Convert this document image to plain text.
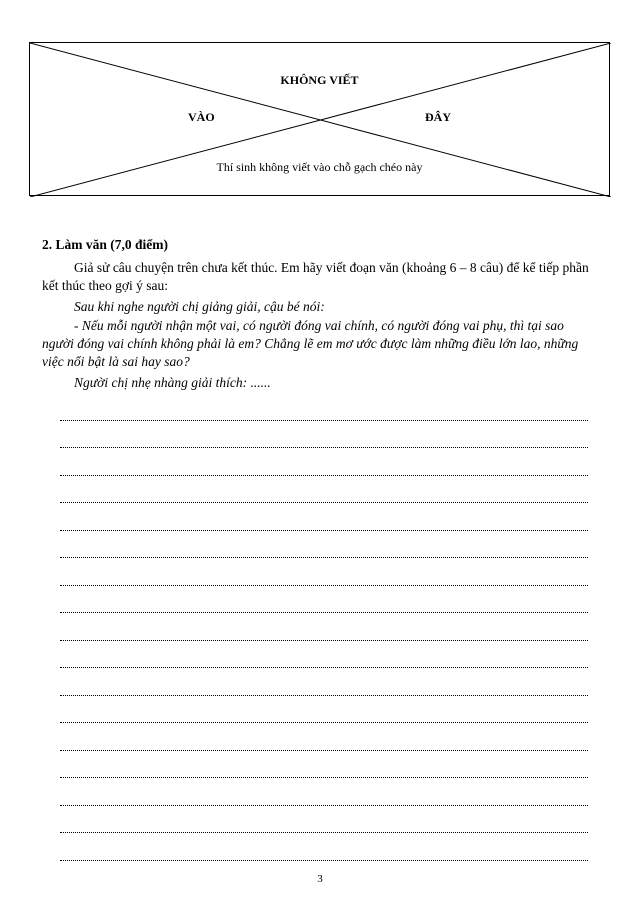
KHÔNG VIẾT
VÀO	ĐÂY
Thí sinh không viết vào chỗ gạch chéo này
2. Làm văn (7,0 điểm)
Giả sử câu chuyện trên chưa kết thúc. Em hãy viết đoạn văn (khoảng 6 – 8 câu) để kể tiếp phần kết thúc theo gợi ý sau:
Sau khi nghe người chị giảng giải, cậu bé nói:
- Nếu mỗi người nhận một vai, có người đóng vai chính, có người đóng vai phụ, thì tại sao người đóng vai chính không phải là em? Chẳng lẽ em mơ ước được làm những điều lớn lao, những việc nổi bật là sai hay sao?
Người chị nhẹ nhàng giải thích: ......
3
